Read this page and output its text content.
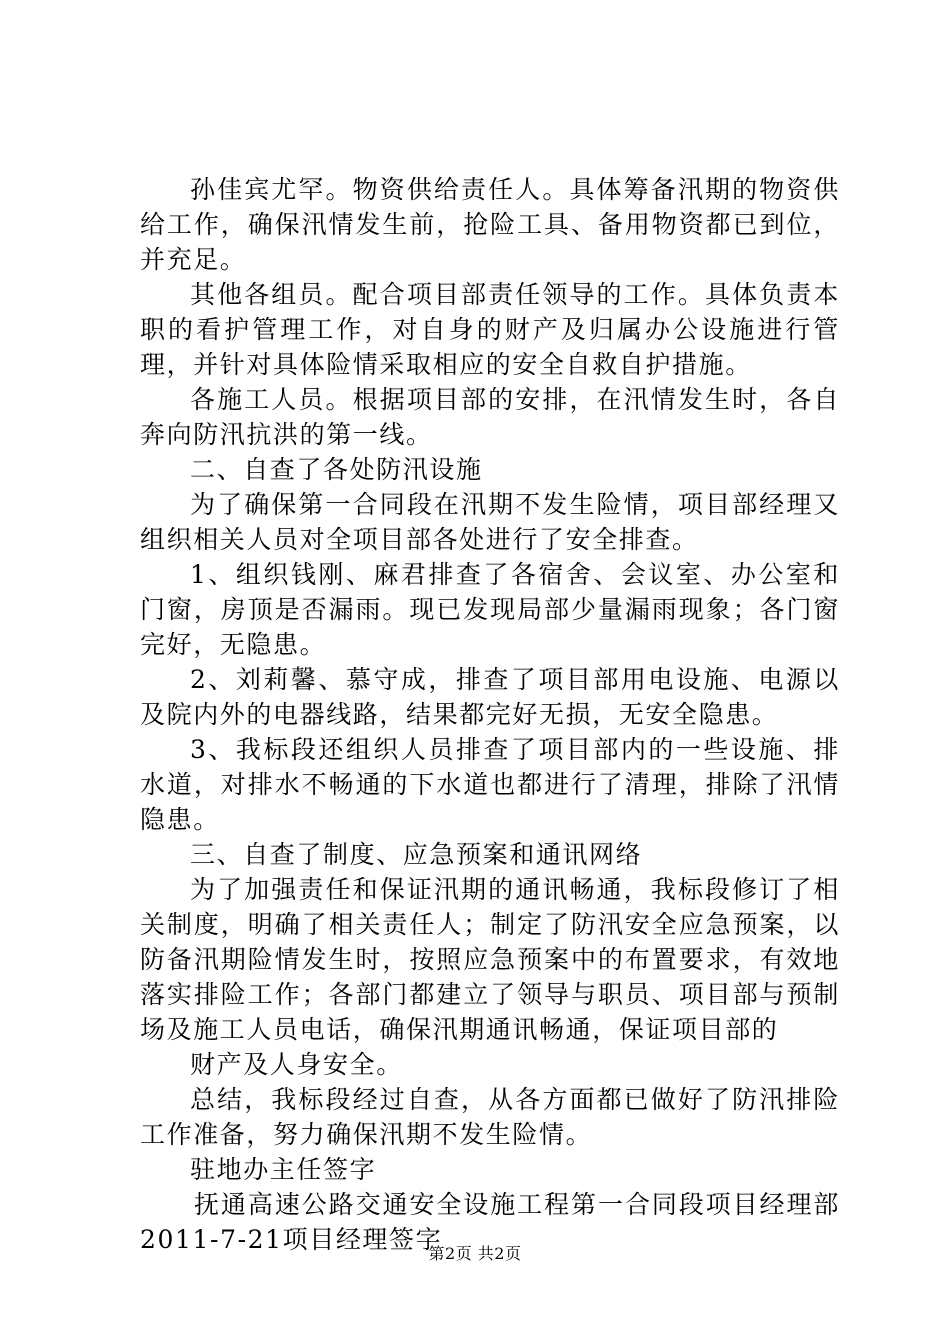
孙佳宾尤罕。物资供给责任人。具体筹备汛期的物资供给工作，确保汛情发生前，抢险工具、备用物资都已到位，并充足。

其他各组员。配合项目部责任领导的工作。具体负责本职的看护管理工作，对自身的财产及归属办公设施进行管理，并针对具体险情采取相应的安全自救自护措施。

各施工人员。根据项目部的安排，在汛情发生时，各自奔向防汛抗洪的第一线。

二、自查了各处防汛设施

为了确保第一合同段在汛期不发生险情，项目部经理又组织相关人员对全项目部各处进行了安全排查。

1、组织钱刚、麻君排查了各宿舍、会议室、办公室和门窗，房顶是否漏雨。现已发现局部少量漏雨现象；各门窗完好，无隐患。

2、刘莉馨、慕守成，排查了项目部用电设施、电源以及院内外的电器线路，结果都完好无损，无安全隐患。

3、我标段还组织人员排查了项目部内的一些设施、排水道，对排水不畅通的下水道也都进行了清理，排除了汛情隐患。

三、自查了制度、应急预案和通讯网络

为了加强责任和保证汛期的通讯畅通，我标段修订了相关制度，明确了相关责任人；制定了防汛安全应急预案，以防备汛期险情发生时，按照应急预案中的布置要求，有效地落实排险工作；各部门都建立了领导与职员、项目部与预制场及施工人员电话，确保汛期通讯畅通，保证项目部的

财产及人身安全。

总结，我标段经过自查，从各方面都已做好了防汛排险工作准备，努力确保汛期不发生险情。

驻地办主任签字

抚通高速公路交通安全设施工程第一合同段项目经理部2011-7-21项目经理签字

第2页 共2页
